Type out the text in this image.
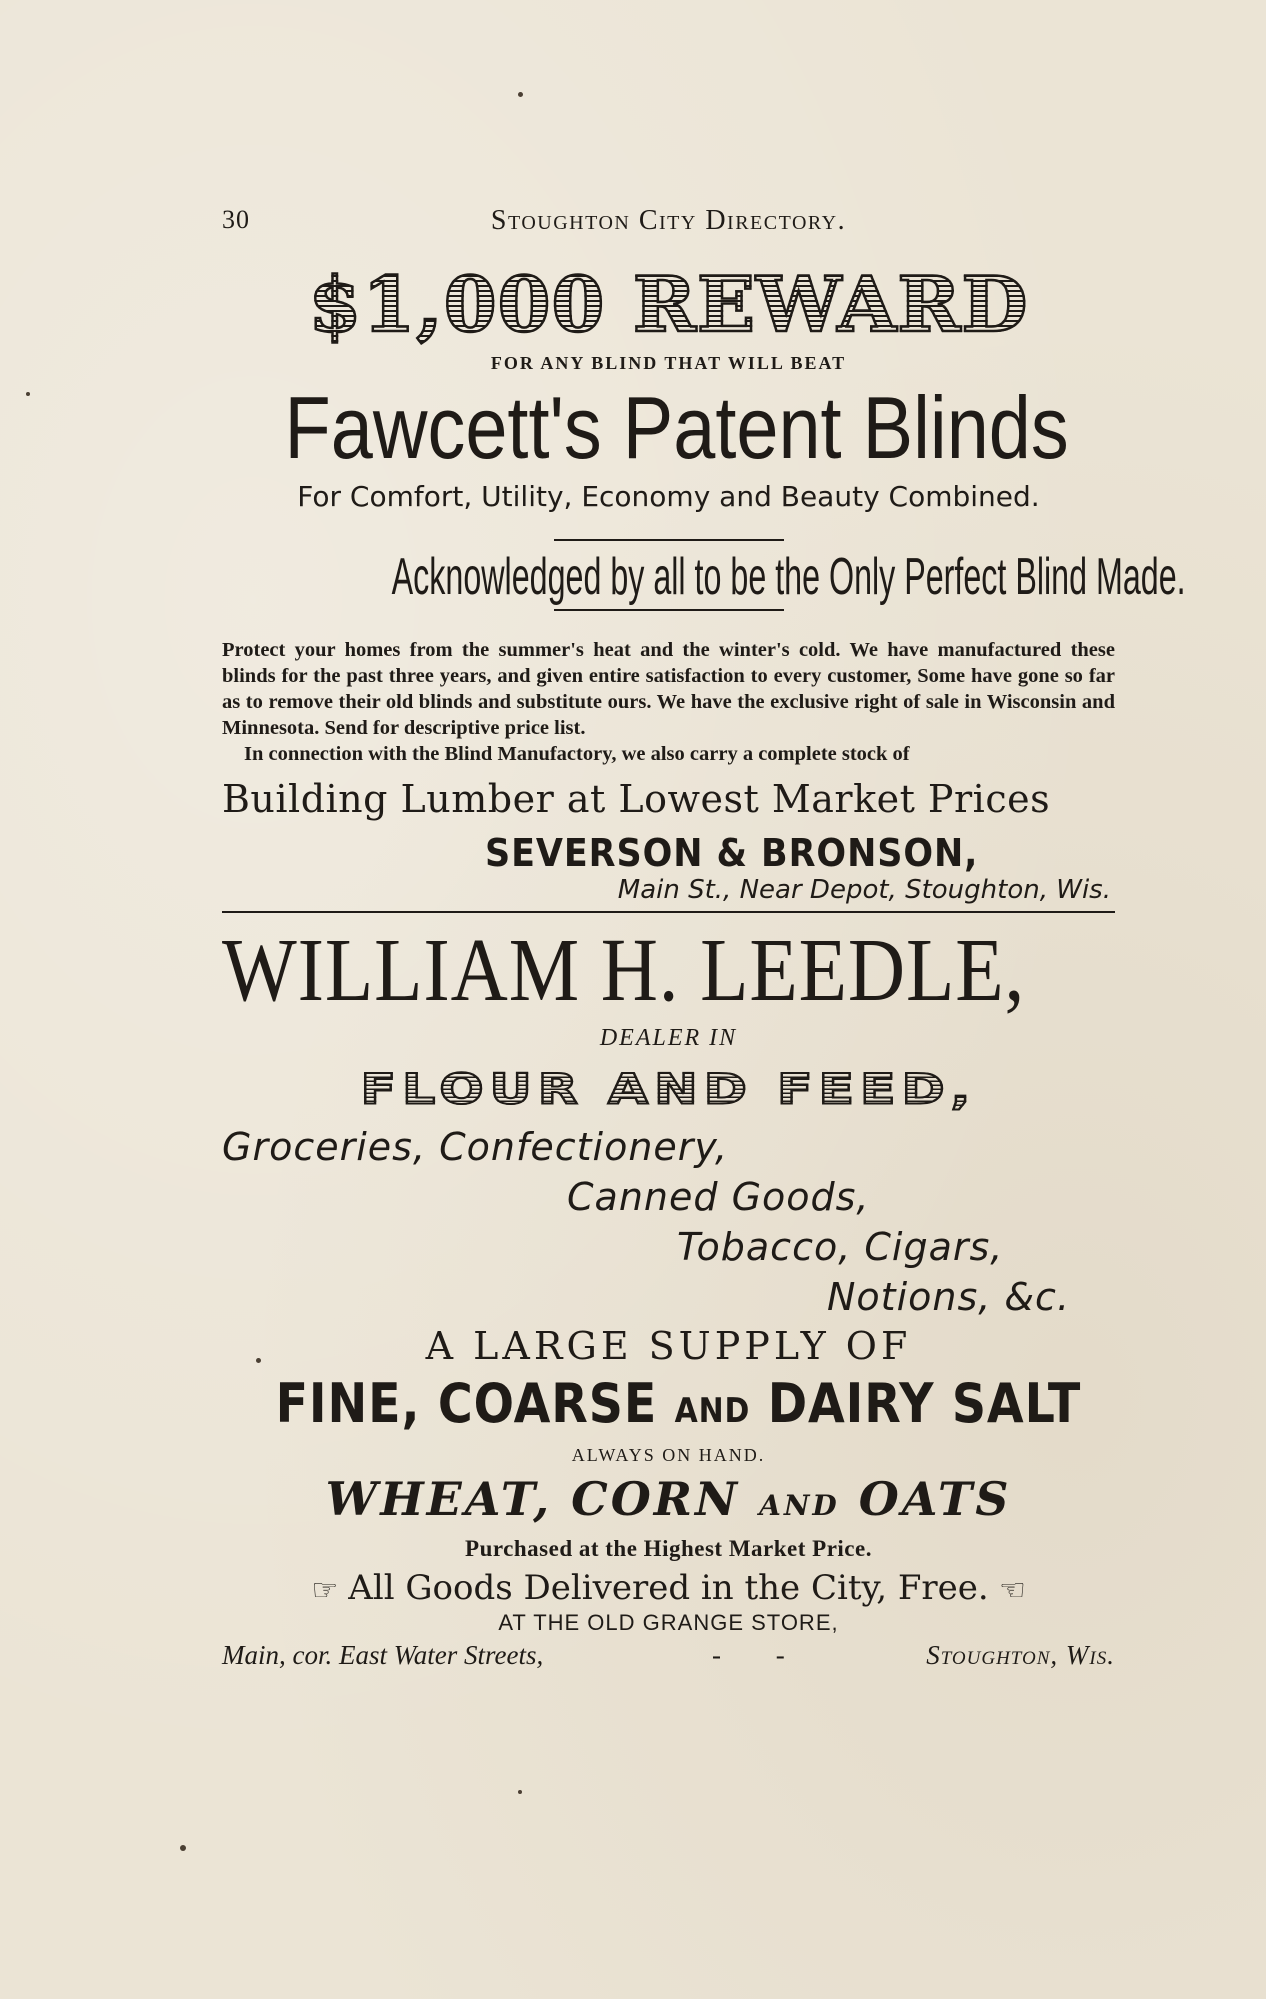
30	Stoughton City Directory.
$1,000 REWARD
FOR ANY BLIND THAT WILL BEAT
Fawcett's Patent Blinds
For Comfort, Utility, Economy and Beauty Combined.
Acknowledged by all to be the Only Perfect Blind Made.

Protect your homes from the summer's heat and the winter's cold. We have manufactured these blinds for the past three years, and given entire satisfaction to every customer, Some have gone so far as to remove their old blinds and substitute ours. We have the exclusive right of sale in Wisconsin and Minnesota. Send for descriptive price list.

In connection with the Blind Manufactory, we also carry a complete stock of

Building Lumber at Lowest Market Prices
SEVERSON & BRONSON,
Main St., Near Depot, Stoughton, Wis.
WILLIAM H. LEEDLE,
DEALER IN
FLOUR AND FEED,
Groceries, Confectionery,
Canned Goods,
Tobacco, Cigars,
Notions, &c.
A LARGE SUPPLY OF
FINE, COARSE AND DAIRY SALT
ALWAYS ON HAND.
WHEAT, CORN AND OATS
Purchased at the Highest Market Price.
☞ All Goods Delivered in the City, Free. ☞
AT THE OLD GRANGE STORE,
Main, cor. East Water Streets,	- -	Stoughton, Wis.
